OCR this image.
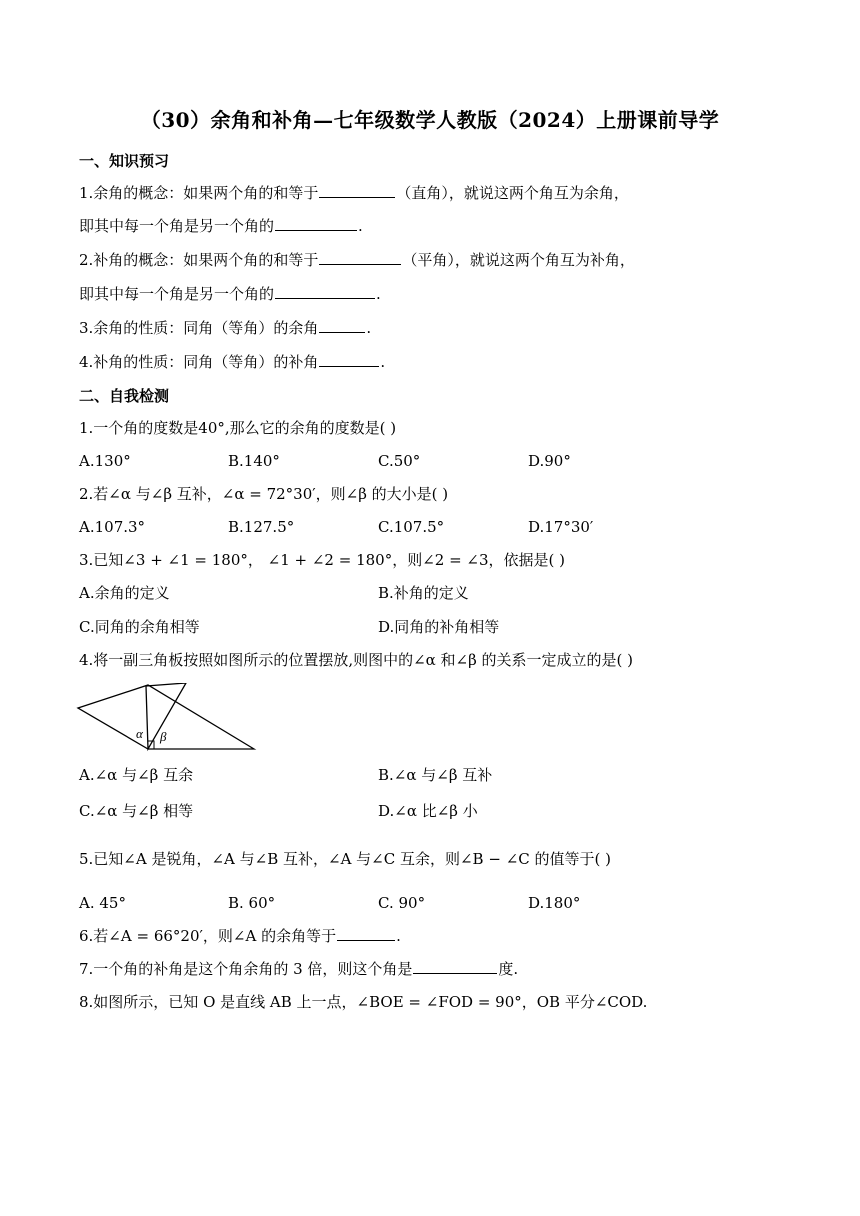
（30）余角和补角—七年级数学人教版（2024）上册课前导学
一、知识预习
1.余角的概念：如果两个角的和等于	（直角），就说这两个角互为余角，
即其中每一个角是另一个角的	.
2.补角的概念：如果两个角的和等于	（平角），就说这两个角互为补角，
即其中每一个角是另一个角的	.
3.余角的性质：同角（等角）的余角	.
4.补角的性质：同角（等角）的补角	.
二、自我检测
1.一个角的度数是40°,那么它的余角的度数是( )
A.130°	B.140°	C.50°	D.90°
2.若∠α 与∠β 互补，∠α = 72°30′，则∠β 的大小是( )
A.107.3°	B.127.5°	C.107.5°	D.17°30′
3.已知∠3 + ∠1 = 180°， ∠1 + ∠2 = 180°，则∠2 = ∠3，依据是( )
A.余角的定义	B.补角的定义
C.同角的余角相等	D.同角的补角相等
4.将一副三角板按照如图所示的位置摆放,则图中的∠α 和∠β 的关系一定成立的是( )
α β
A.∠α 与∠β 互余	B.∠α 与∠β 互补
C.∠α 与∠β 相等	D.∠α 比∠β 小
5.已知∠A 是锐角，∠A 与∠B 互补，∠A 与∠C 互余，则∠B − ∠C 的值等于( )
A. 45°	B. 60°	C. 90°	D.180°
6.若∠A = 66°20′，则∠A 的余角等于	.
7.一个角的补角是这个角余角的 3 倍，则这个角是	度.
8.如图所示，已知 O 是直线 AB 上一点，∠BOE = ∠FOD = 90°，OB 平分∠COD.
